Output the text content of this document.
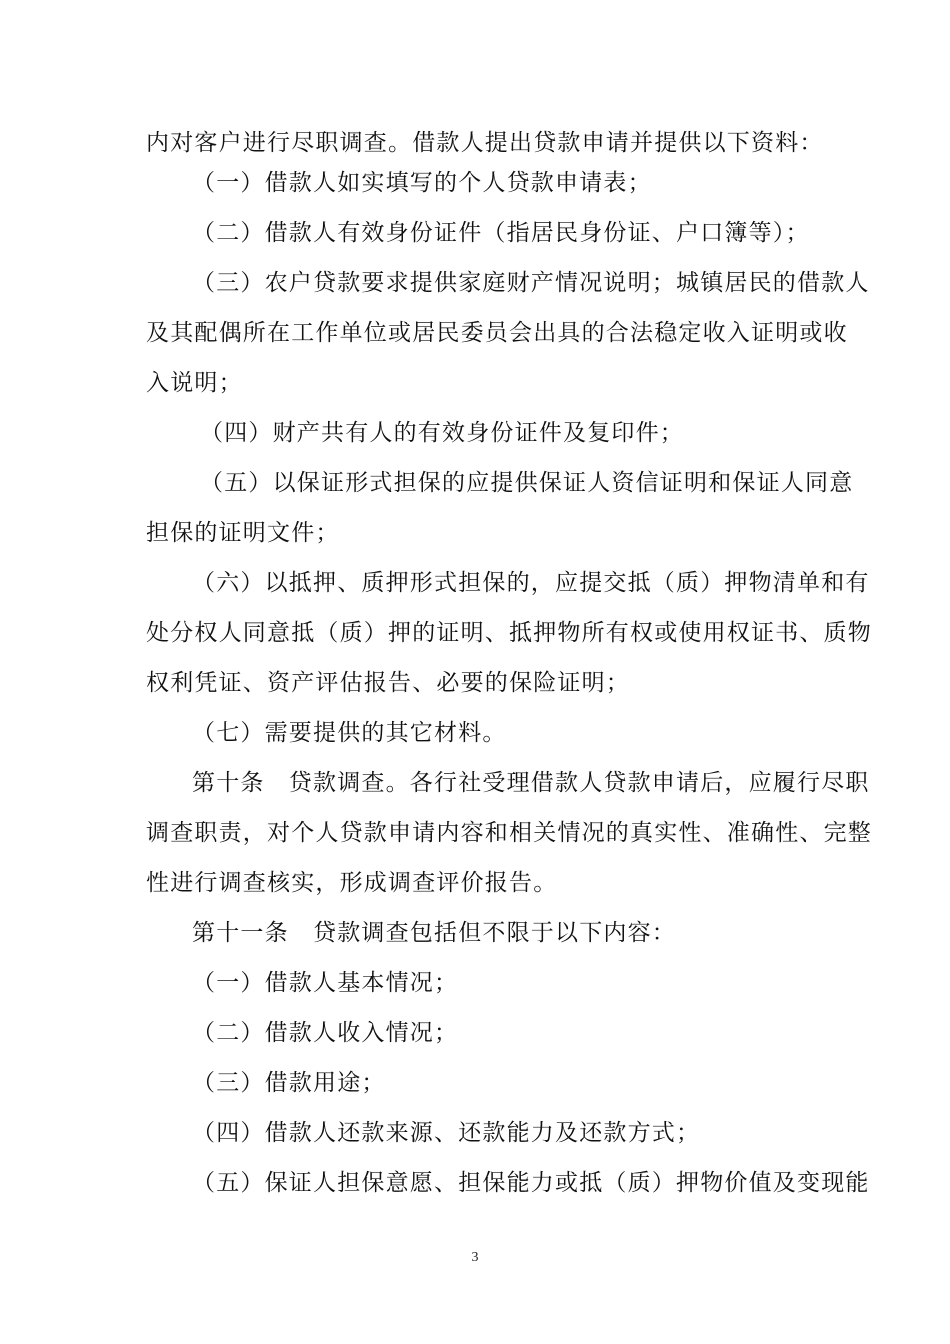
内对客户进行尽职调查。借款人提出贷款申请并提供以下资料：
（一）借款人如实填写的个人贷款申请表；
（二）借款人有效身份证件（指居民身份证、户口簿等）；
（三）农户贷款要求提供家庭财产情况说明；城镇居民的借款人
及其配偶所在工作单位或居民委员会出具的合法稳定收入证明或收
入说明；
（四）财产共有人的有效身份证件及复印件；
（五）以保证形式担保的应提供保证人资信证明和保证人同意
担保的证明文件；
（六）以抵押、质押形式担保的，应提交抵（质）押物清单和有
处分权人同意抵（质）押的证明、抵押物所有权或使用权证书、质物
权利凭证、资产评估报告、必要的保险证明；
（七）需要提供的其它材料。
第十条　贷款调查。各行社受理借款人贷款申请后，应履行尽职
调查职责，对个人贷款申请内容和相关情况的真实性、准确性、完整
性进行调查核实，形成调查评价报告。
第十一条　贷款调查包括但不限于以下内容：
（一）借款人基本情况；
（二）借款人收入情况；
（三）借款用途；
（四）借款人还款来源、还款能力及还款方式；
（五）保证人担保意愿、担保能力或抵（质）押物价值及变现能
3
